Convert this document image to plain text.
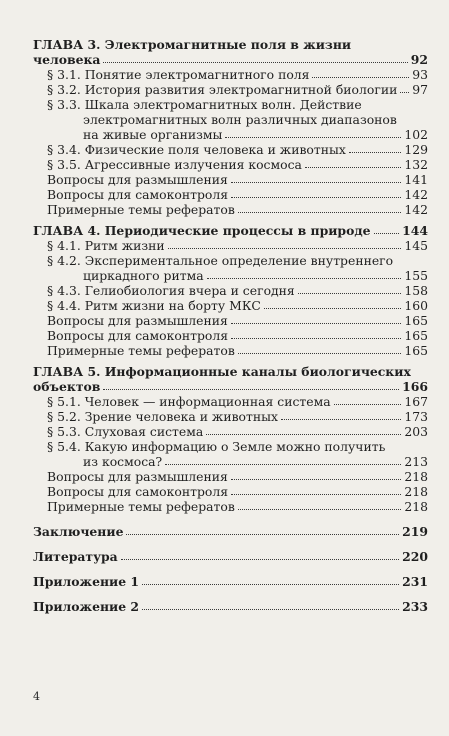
ГЛАВА 3. Электромагнитные поля в жизни
человека	92
§ 3.1. Понятие электромагнитного поля	93
§ 3.2. История развития электромагнитной биологии 97
§ 3.3. Шкала электромагнитных волн. Действие
электромагнитных волн различных диапазонов
на живые организмы	102
§ 3.4. Физические поля человека и животных	129
§ 3.5. Агрессивные излучения космоса	132
Вопросы для размышления	141
Вопросы для самоконтроля	142
Примерные темы рефератов	142
ГЛАВА 4. Периодические процессы в природе	144
§ 4.1. Ритм жизни	145
§ 4.2. Экспериментальное определение внутреннего
циркадного ритма	155
§ 4.3. Гелиобиология вчера и сегодня	158
§ 4.4. Ритм жизни на борту МКС	160
Вопросы для размышления	165
Вопросы для самоконтроля	165
Примерные темы рефератов	165
ГЛАВА 5. Информационные каналы биологических
объектов	166
§ 5.1. Человек — информационная система	167
§ 5.2. Зрение человека и животных	173
§ 5.3. Слуховая система	203
§ 5.4. Какую информацию о Земле можно получить
из космоса?	213
Вопросы для размышления	218
Вопросы для самоконтроля	218
Примерные темы рефератов	218
Заключение	219
Литература	220
Приложение 1	231
Приложение 2	233
4
